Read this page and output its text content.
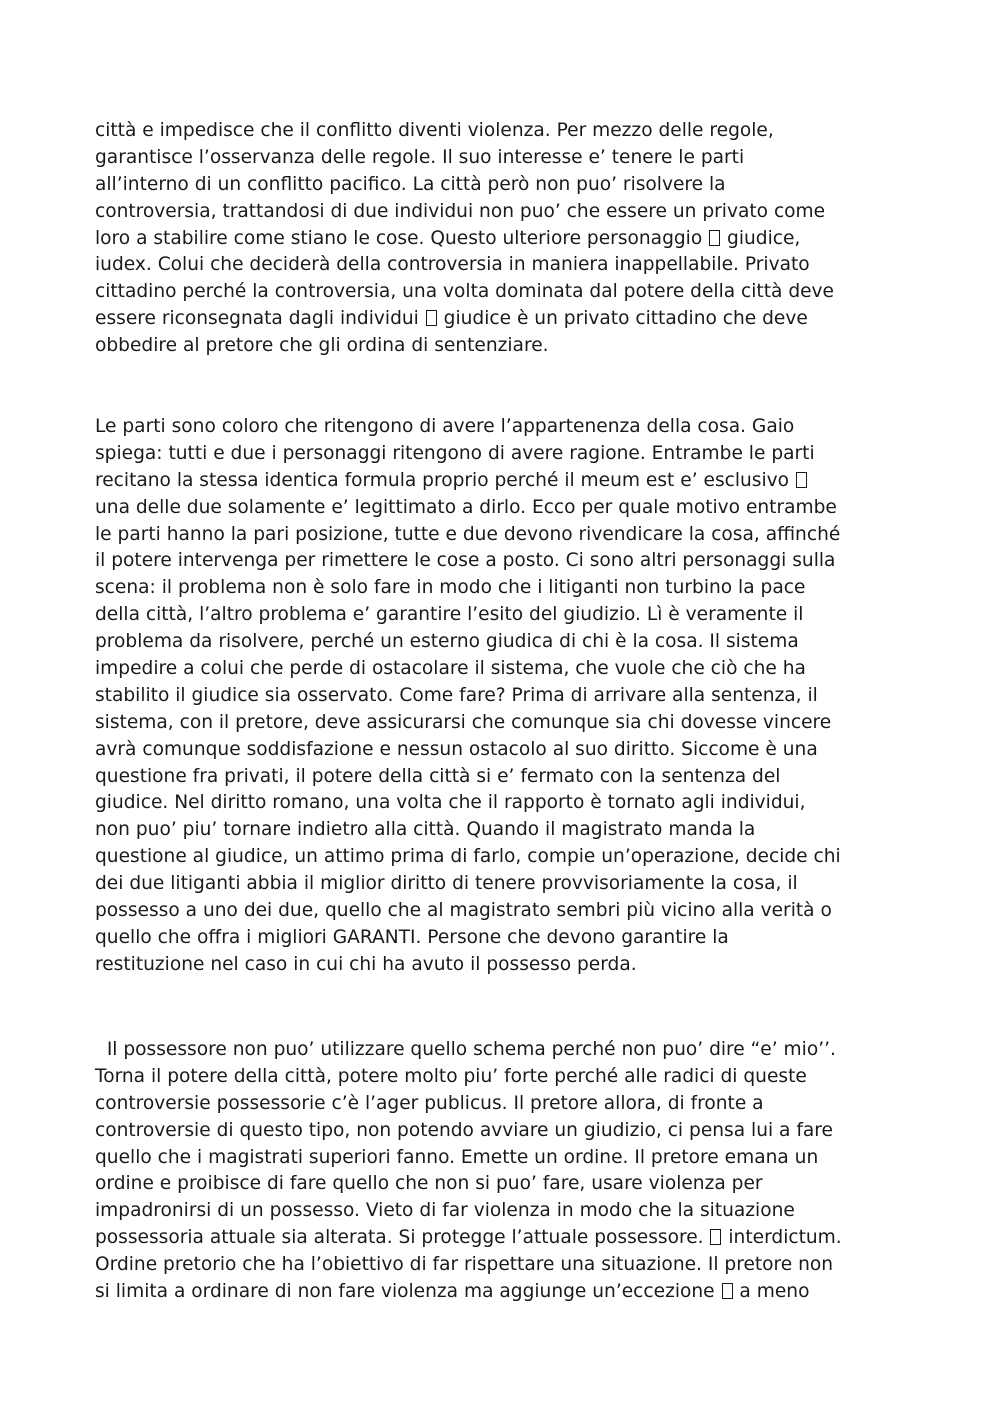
città e impedisce che il conflitto diventi violenza. Per mezzo delle regole,
garantisce l’osservanza delle regole. Il suo interesse e’ tenere le parti
all’interno di un conflitto pacifico. La città però non puo’ risolvere la
controversia, trattandosi di due individui non puo’ che essere un privato come
loro a stabilire come stiano le cose. Questo ulteriore personaggio  giudice,
iudex. Colui che deciderà della controversia in maniera inappellabile. Privato
cittadino perché la controversia, una volta dominata dal potere della città deve
essere riconsegnata dagli individui  giudice è un privato cittadino che deve
obbedire al pretore che gli ordina di sentenziare.
Le parti sono coloro che ritengono di avere l’appartenenza della cosa. Gaio
spiega: tutti e due i personaggi ritengono di avere ragione. Entrambe le parti
recitano la stessa identica formula proprio perché il meum est e’ esclusivo
una delle due solamente e’ legittimato a dirlo. Ecco per quale motivo entrambe
le parti hanno la pari posizione, tutte e due devono rivendicare la cosa, affinché
il potere intervenga per rimettere le cose a posto. Ci sono altri personaggi sulla
scena: il problema non è solo fare in modo che i litiganti non turbino la pace
della città, l’altro problema e’ garantire l’esito del giudizio. Lì è veramente il
problema da risolvere, perché un esterno giudica di chi è la cosa. Il sistema
impedire a colui che perde di ostacolare il sistema, che vuole che ciò che ha
stabilito il giudice sia osservato. Come fare? Prima di arrivare alla sentenza, il
sistema, con il pretore, deve assicurarsi che comunque sia chi dovesse vincere
avrà comunque soddisfazione e nessun ostacolo al suo diritto. Siccome è una
questione fra privati, il potere della città si e’ fermato con la sentenza del
giudice. Nel diritto romano, una volta che il rapporto è tornato agli individui,
non puo’ piu’ tornare indietro alla città. Quando il magistrato manda la
questione al giudice, un attimo prima di farlo, compie un’operazione, decide chi
dei due litiganti abbia il miglior diritto di tenere provvisoriamente la cosa, il
possesso a uno dei due, quello che al magistrato sembri più vicino alla verità o
quello che offra i migliori GARANTI. Persone che devono garantire la
restituzione nel caso in cui chi ha avuto il possesso perda.
Il possessore non puo’ utilizzare quello schema perché non puo’ dire “e’ mio’’.
Torna il potere della città, potere molto piu’ forte perché alle radici di queste
controversie possessorie c’è l’ager publicus. Il pretore allora, di fronte a
controversie di questo tipo, non potendo avviare un giudizio, ci pensa lui a fare
quello che i magistrati superiori fanno. Emette un ordine. Il pretore emana un
ordine e proibisce di fare quello che non si puo’ fare, usare violenza per
impadronirsi di un possesso. Vieto di far violenza in modo che la situazione
possessoria attuale sia alterata. Si protegge l’attuale possessore.  interdictum.
Ordine pretorio che ha l’obiettivo di far rispettare una situazione. Il pretore non
si limita a ordinare di non fare violenza ma aggiunge un’eccezione  a meno
